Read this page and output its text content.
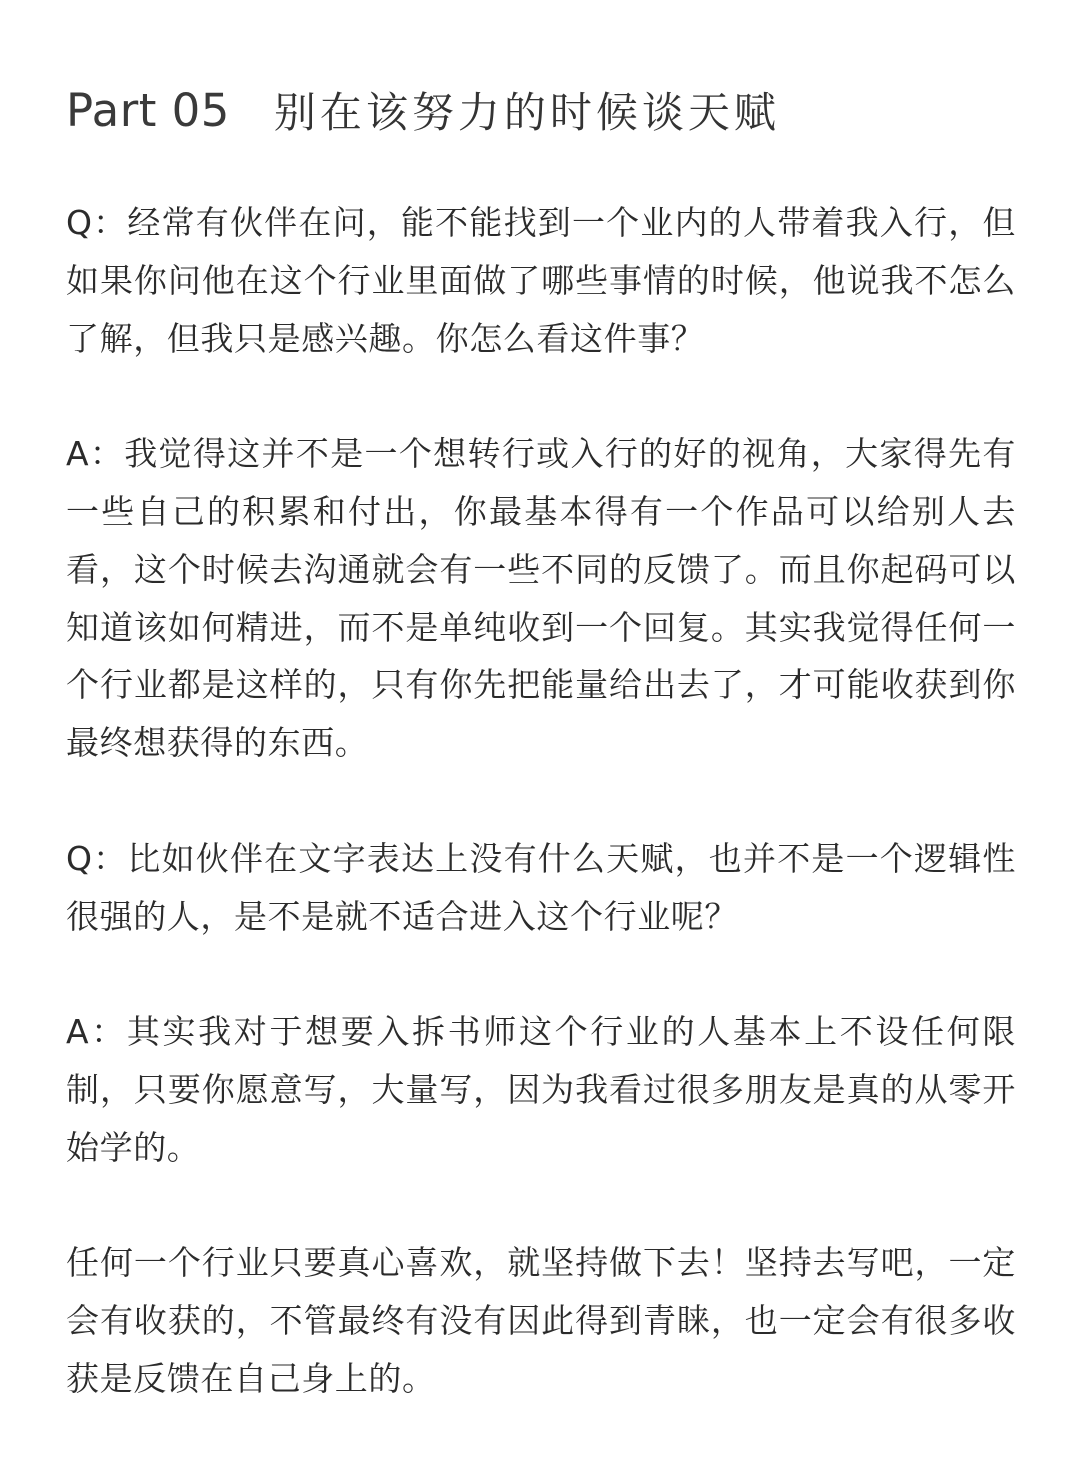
Part 05 别在该努力的时候谈天赋

Q：经常有伙伴在问，能不能找到一个业内的人带着我入行，但如果你问他在这个行业里面做了哪些事情的时候，他说我不怎么了解，但我只是感兴趣。你怎么看这件事？

A：我觉得这并不是一个想转行或入行的好的视角，大家得先有一些自己的积累和付出，你最基本得有一个作品可以给别人去看，这个时候去沟通就会有一些不同的反馈了。而且你起码可以知道该如何精进，而不是单纯收到一个回复。其实我觉得任何一个行业都是这样的，只有你先把能量给出去了，才可能收获到你最终想获得的东西。

Q：比如伙伴在文字表达上没有什么天赋，也并不是一个逻辑性很强的人，是不是就不适合进入这个行业呢？

A：其实我对于想要入拆书师这个行业的人基本上不设任何限制，只要你愿意写，大量写，因为我看过很多朋友是真的从零开始学的。

任何一个行业只要真心喜欢，就坚持做下去！坚持去写吧，一定会有收获的，不管最终有没有因此得到青睐，也一定会有很多收获是反馈在自己身上的。
